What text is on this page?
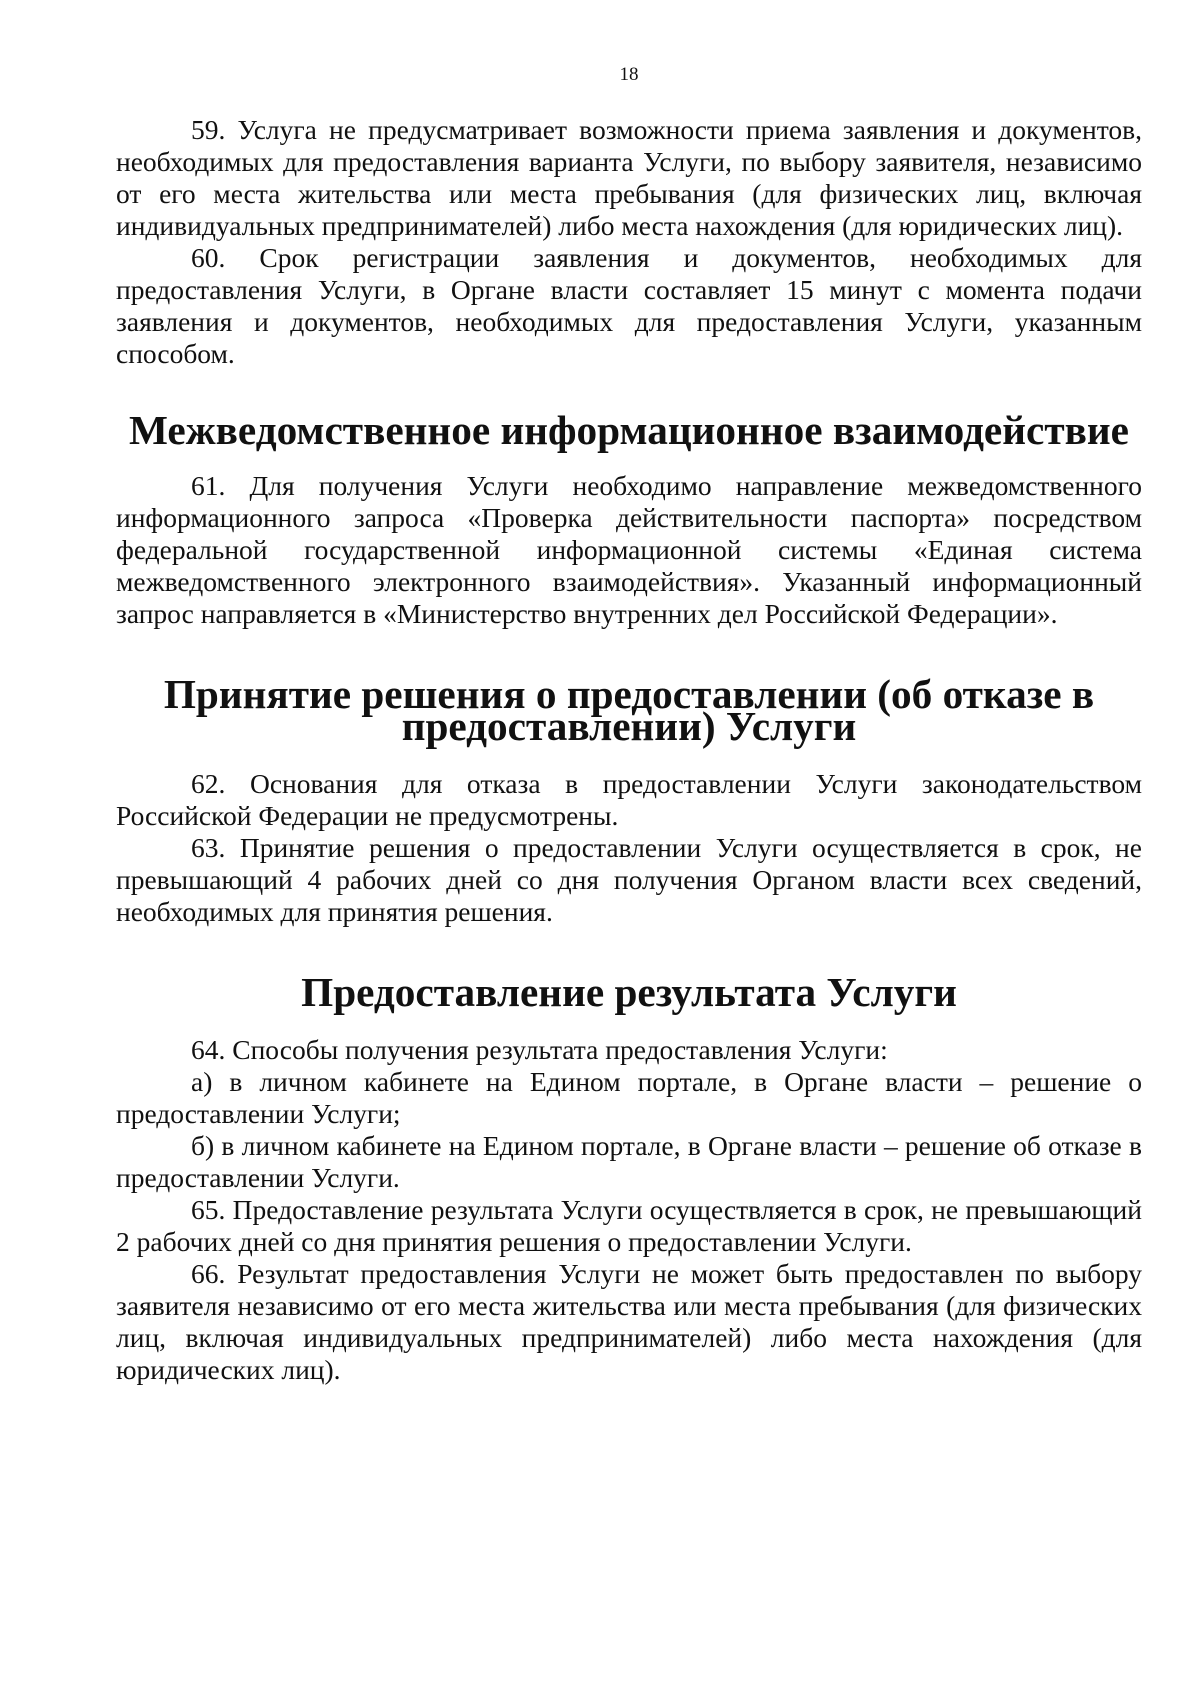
18

59. Услуга не предусматривает возможности приема заявления и документов, необходимых для предоставления варианта Услуги, по выбору заявителя, независимо от его места жительства или места пребывания (для физических лиц, включая индивидуальных предпринимателей) либо места нахождения (для юридических лиц).

60. Срок регистрации заявления и документов, необходимых для предоставления Услуги, в Органе власти составляет 15 минут с момента подачи заявления и документов, необходимых для предоставления Услуги, указанным способом.

Межведомственное информационное взаимодействие

61. Для получения Услуги необходимо направление межведомственного информационного запроса «Проверка действительности паспорта» посредством федеральной государственной информационной системы «Единая система межведомственного электронного взаимодействия». Указанный информационный запрос направляется в «Министерство внутренних дел Российской Федерации».

Принятие решения о предоставлении (об отказе в предоставлении) Услуги

62. Основания для отказа в предоставлении Услуги законодательством Российской Федерации не предусмотрены.

63. Принятие решения о предоставлении Услуги осуществляется в срок, не превышающий 4 рабочих дней со дня получения Органом власти всех сведений, необходимых для принятия решения.

Предоставление результата Услуги

64. Способы получения результата предоставления Услуги:

а) в личном кабинете на Едином портале, в Органе власти – решение о предоставлении Услуги;

б) в личном кабинете на Едином портале, в Органе власти – решение об отказе в предоставлении Услуги.

65. Предоставление результата Услуги осуществляется в срок, не превышающий 2 рабочих дней со дня принятия решения о предоставлении Услуги.

66. Результат предоставления Услуги не может быть предоставлен по выбору заявителя независимо от его места жительства или места пребывания (для физических лиц, включая индивидуальных предпринимателей) либо места нахождения (для юридических лиц).
